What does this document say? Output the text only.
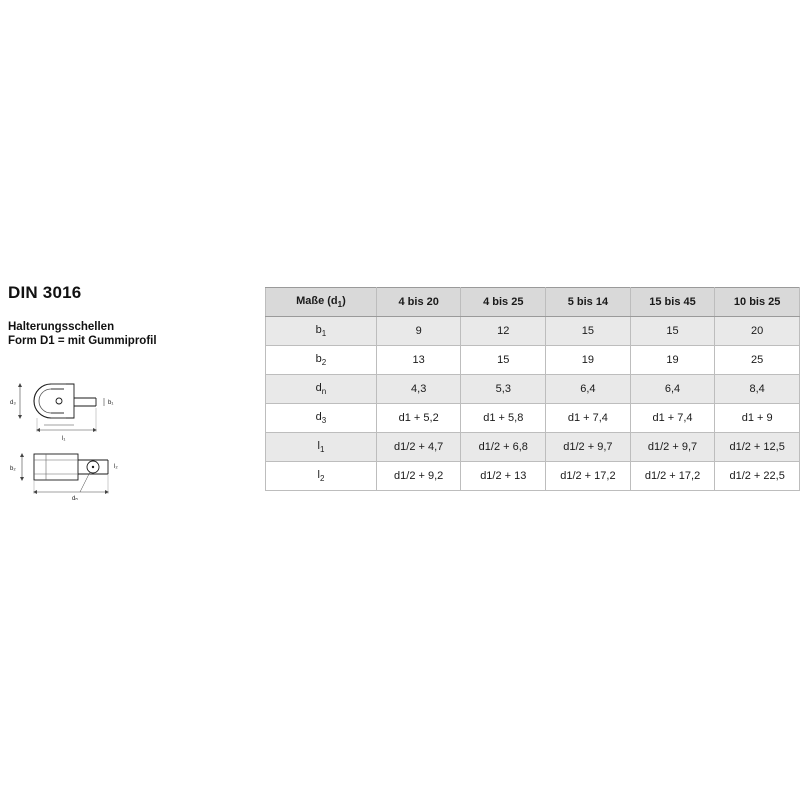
DIN 3016

Halterungsschellen

Form D1 = mit Gummiprofil

d₃	b₁
l₁
b₂	l₂
dₙ
Maße $(d_1)$	4 bis 20	4 bis 25	5 bis 14	15 bis 45	10 bis 25
$b_1$	9	12	15	15	20
$b_2$	13	15	19	19	25
$d_n$	4,3	5,3	6,4	6,4	8,4
$d_3$	d1 + 5,2	d1 + 5,8	d1 + 7,4	d1 + 7,4	d1 + 9
$l_1$	d1/2 + 4,7	d1/2 + 6,8	d1/2 + 9,7	d1/2 + 9,7	d1/2 + 12,5
$l_2$	d1/2 + 9,2	d1/2 + 13	d1/2 + 17,2	d1/2 + 17,2	d1/2 + 22,5
